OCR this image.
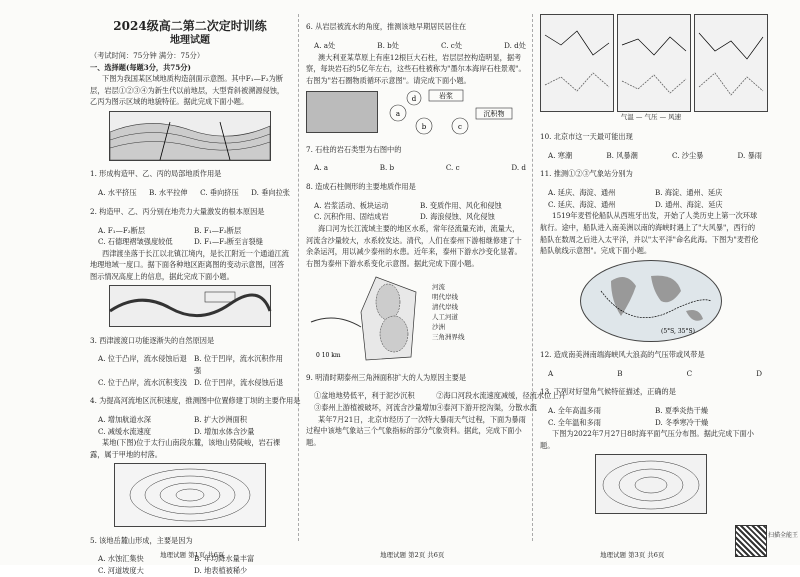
2024级高二第二次定时训练
地理试题

（考试时间：75分钟 满分：75分）

一、选择题(每题3分，共75分)

下图为我国某区域地质构造剖面示意图。其中F₁—F₂为断层，岩层①②③④为新生代以前地层，大型背斜被溯源侵蚀，乙丙为图示区域的地貌特征。据此完成下面小题。

1. 形成构造甲、乙、丙的局部地质作用是

A. 水平挤压 B. 水平拉伸 C. 垂向挤压 D. 垂向拉张

2. 构造甲、乙、丙分别在地壳力大量激发的根本原因是

A. F₁—F₂断层	B. F₁—F₂断层
C. 石德理褶皱强度较低	D. F₁—F₂断至言裂缝

西津渡坐落于长江以北镇江境内，是长江附近一个通道江流地理地域一度口。据下面各种地区距离图的变动示意图，回答图示情况高度上的信息，据此完成下面小题。

3. 西津渡渡口功能逐渐失的自然原因是

A. 位于凸岸，流水侵蚀后退 B. 位于凹岸，流水沉积作用强
C. 位于凸岸，流水沉积变浅 D. 位于凹岸，流水侵蚀后退

4. 为提高河流地区沉积速度，推测图中位置修建丁坝的主要作用是

A. 增加航道水深	B. 扩大沙洲面积
C. 减缓水流速度	D. 增加水体含沙量

某地(下图)位于太行山南段东麓，该地山势陡峻，岩石裸露，属于甲地的村落。

5. 该地岳麓山形成，主要是因为

A. 水蚀汇集快	B. 年均降水量丰富
C. 河道坡度大	D. 地表植被稀少
地理试题 第1页 共6页

6. 从岩层被流水的角度，推测该地早期居民居住在

A. a处	B. b处	C. c处	D. d处

澳大利亚某草原上有座12根巨大石柱，岩层层控构造明显，据考察，每块岩石约5亿年左右，这些石柱被称为"墨尔本海岸石柱景观"。右图为"岩石圈物质循环示意图"。请完成下面小题。

岩浆
沉积物
a
b	c
d

7. 石柱的岩石类型为右图中的

A. a	B. b	C. c	D. d

8. 造成石柱侧形的主要地质作用是

A. 岩浆活动、板块运动	B. 变质作用、风化和侵蚀
C. 沉积作用、固结成岩	D. 海浪侵蚀、风化侵蚀

海口河为长江流域主要的地区水系，常年径流量充沛，流量大，河流含沙量较大，水系较发达。清代，人们在泰州下游相继修建了十余条运河，用以减少泰州的水患。近年来，泰州下游水沙变化显著。右图为泰州下游水系变化示意图。据此完成下面小题。

0 10 km
河流
明代岸线
清代岸线
人工河道
沙洲
三角洲界线

9. 明清时期泰州三角洲面积扩大的人为原因主要是

①盆地地势低平，利于泥沙沉积	②海口河段水流速度减缓，径流水位上升
③泰州上游植被破坏，河流含沙量增加 ④泰河下游开挖沟渠，分散水流

某年7月21日，北京市经历了一次特大暴雨天气过程，下面为暴雨过程中该地气象站三个气象指标的部分气象资料。据此，完成下面小题。

地理试题 第2页 共6页
气温 — 气压 — 风速

10. 北京市这一天最可能出现

A. 寒潮	B. 风暴潮	C. 沙尘暴	D. 暴雨

11. 推测①②③气象站分别为

A. 延庆、海淀、通州	B. 海淀、通州、延庆
C. 延庆、海淀、通州	D. 通州、海淀、延庆

1519年麦哲伦船队从西班牙出发，开始了人类历史上第一次环球航行。途中，船队进入南美洲以南的海峡时遇上了"大风暴"，西行的船队在数周之后进入太平洋，并以"太平洋"命名此海。下图为"麦哲伦船队航线示意图"。完成下面小题。

(5°S, 35°S)

12. 造成南美洲南端海峡风大浪高的气压带或风带是

A	B	C	D

13. 下列对好望角气候特征描述，正确的是

A. 全年高温多雨	B. 夏季炎热干燥
C. 全年温和多雨	D. 冬季寒冷干燥

下图为2022年7月27日8时海平面气压分布图。据此完成下面小题。

地理试题 第3页 共6页
扫描全能王
